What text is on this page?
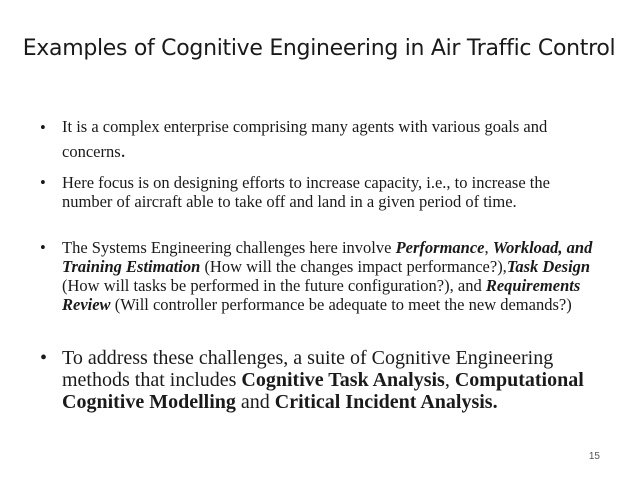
Examples of Cognitive Engineering in Air Traffic Control
• It is a complex enterprise comprising many agents with various goals and concerns.
• Here focus is on designing efforts to increase capacity, i.e., to increase the number of aircraft able to take off and land in a given period of time.
• The Systems Engineering challenges here involve Performance, Workload, and Training Estimation (How will the changes impact performance?),Task Design (How will tasks be performed in the future configuration?), and Requirements Review (Will controller performance be adequate to meet the new demands?)
• To address these challenges, a suite of Cognitive Engineering methods that includes Cognitive Task Analysis, Computational Cognitive Modelling and Critical Incident Analysis.
15
